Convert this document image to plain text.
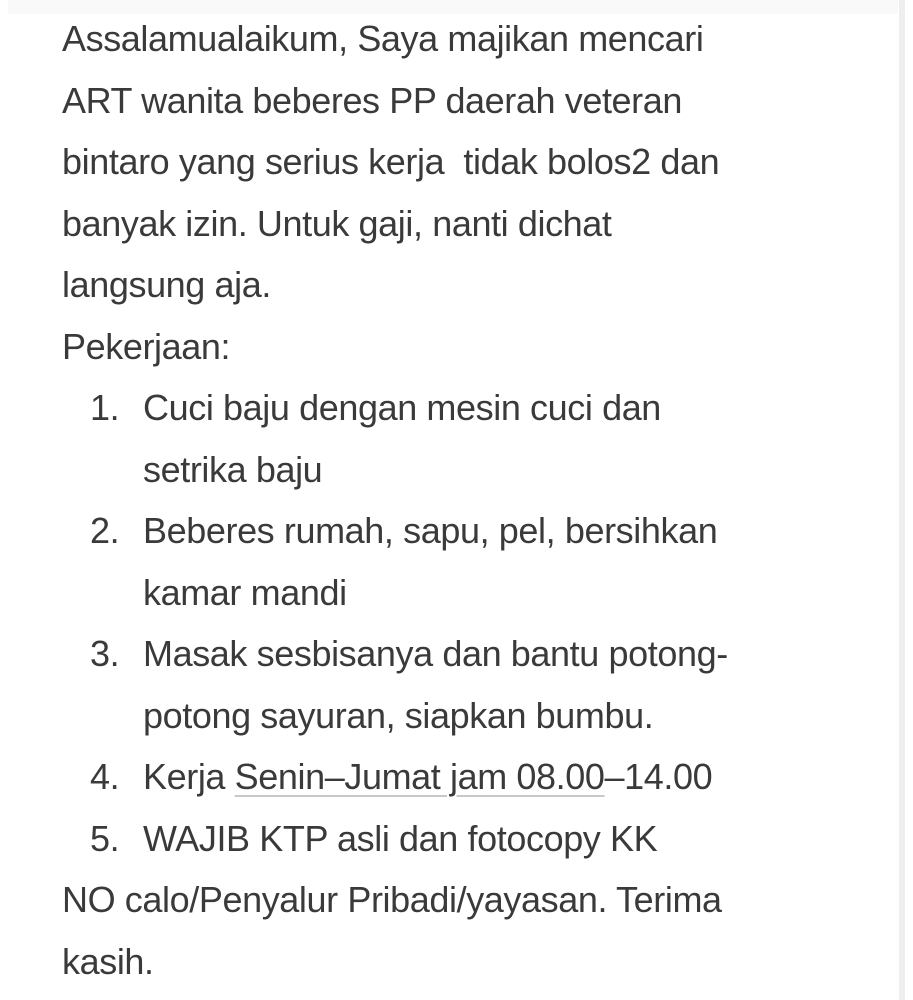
Assalamualaikum, Saya majikan mencari
ART wanita beberes PP daerah veteran
bintaro yang serius kerja  tidak bolos2 dan
banyak izin. Untuk gaji, nanti dichat
langsung aja.
Pekerjaan:
1. Cuci baju dengan mesin cuci dan
setrika baju
2. Beberes rumah, sapu, pel, bersihkan
kamar mandi
3. Masak sesbisanya dan bantu potong-
potong sayuran, siapkan bumbu.
4. Kerja Senin–Jumat jam 08.00–14.00
5. WAJIB KTP asli dan fotocopy KK
NO calo/Penyalur Pribadi/yayasan. Terima
kasih.
